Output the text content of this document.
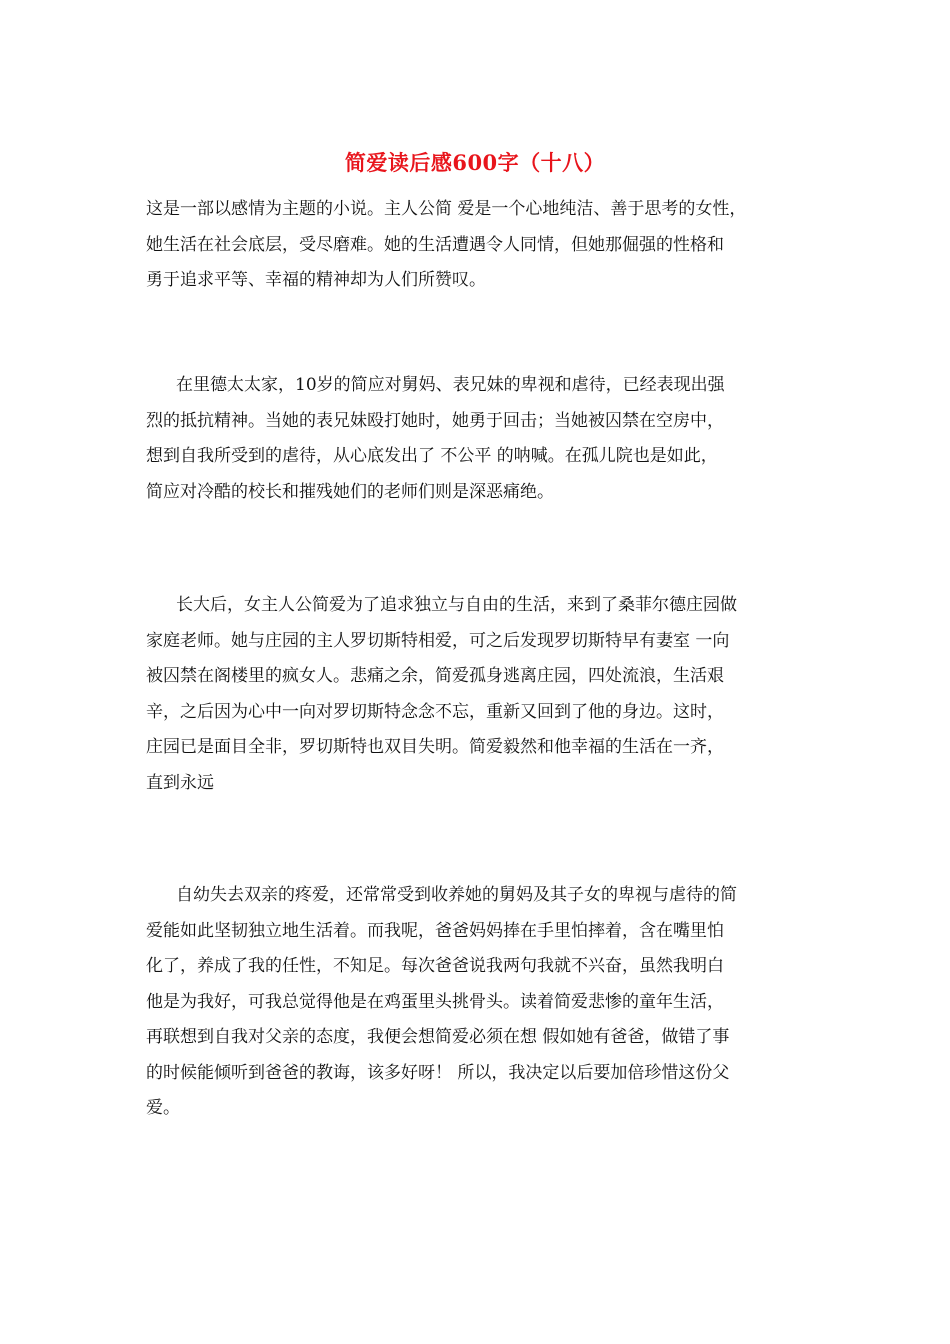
简爱读后感600字（十八）
这是一部以感情为主题的小说。主人公简 爱是一个心地纯洁、善于思考的女性，
她生活在社会底层，受尽磨难。她的生活遭遇令人同情，但她那倔强的性格和
勇于追求平等、幸福的精神却为人们所赞叹。
在里德太太家，10岁的简应对舅妈、表兄妹的卑视和虐待，已经表现出强
烈的抵抗精神。当她的表兄妹殴打她时，她勇于回击；当她被囚禁在空房中，
想到自我所受到的虐待，从心底发出了 不公平 的呐喊。在孤儿院也是如此，
简应对冷酷的校长和摧残她们的老师们则是深恶痛绝。
长大后，女主人公简爱为了追求独立与自由的生活，来到了桑菲尔德庄园做
家庭老师。她与庄园的主人罗切斯特相爱，可之后发现罗切斯特早有妻室 一向
被囚禁在阁楼里的疯女人。悲痛之余，简爱孤身逃离庄园，四处流浪，生活艰
辛，之后因为心中一向对罗切斯特念念不忘，重新又回到了他的身边。这时，
庄园已是面目全非，罗切斯特也双目失明。简爱毅然和他幸福的生活在一齐，
直到永远
自幼失去双亲的疼爱，还常常受到收养她的舅妈及其子女的卑视与虐待的简
爱能如此坚韧独立地生活着。而我呢，爸爸妈妈捧在手里怕摔着，含在嘴里怕
化了，养成了我的任性，不知足。每次爸爸说我两句我就不兴奋，虽然我明白
他是为我好，可我总觉得他是在鸡蛋里头挑骨头。读着简爱悲惨的童年生活，
再联想到自我对父亲的态度，我便会想简爱必须在想 假如她有爸爸，做错了事
的时候能倾听到爸爸的教诲，该多好呀！ 所以，我决定以后要加倍珍惜这份父
爱。
